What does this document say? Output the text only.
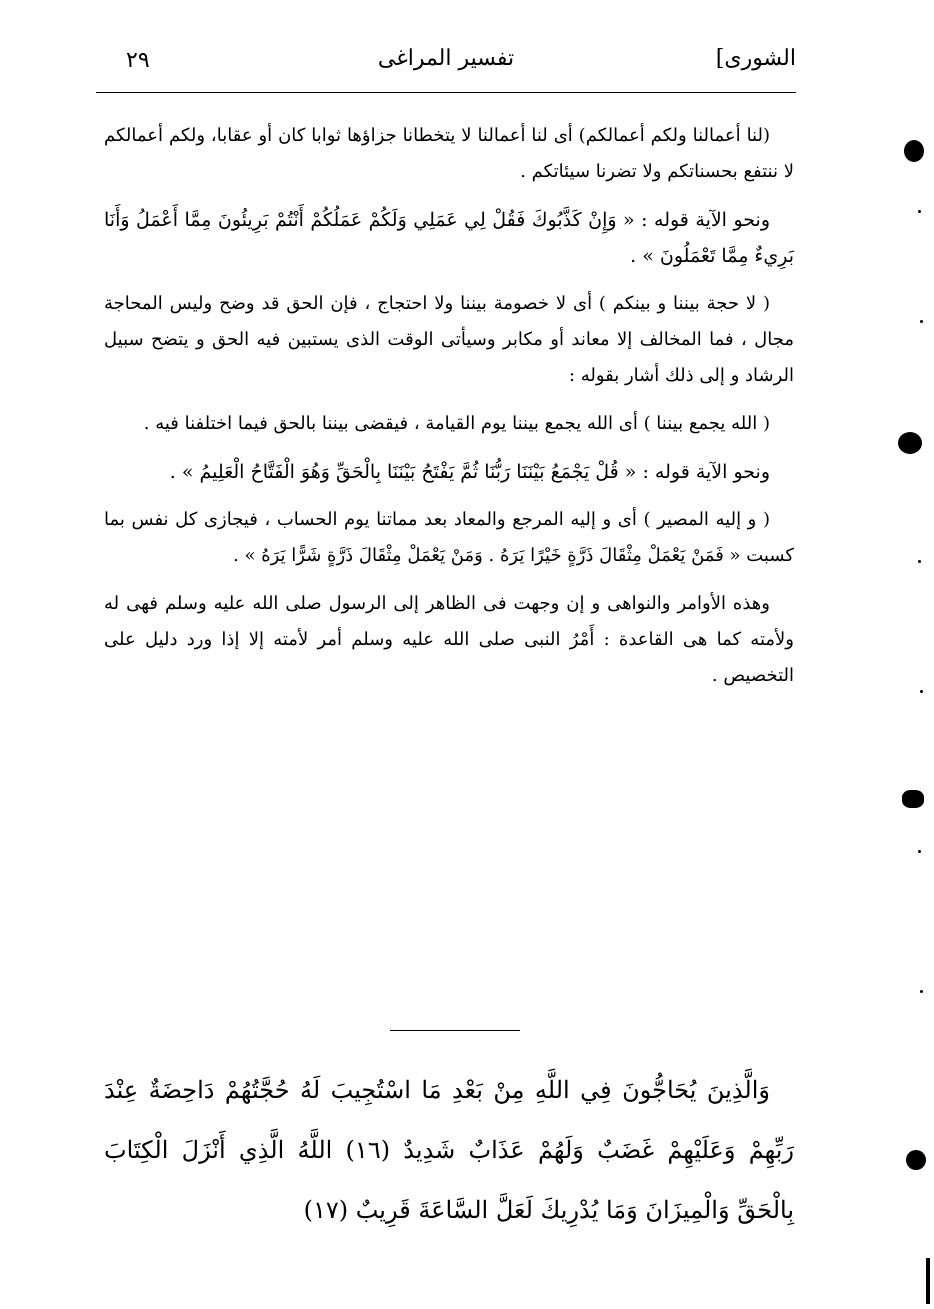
٢٩	تفسير المراغى	[الشورى

(لنا أعمالنا ولكم أعمالكم) أى لنا أعمالنا لا يتخطانا جزاؤها ثوابا كان أو عقابا، ولكم أعمالكم لا ننتفع بحسناتكم ولا تضرنا سيئاتكم .

ونحو الآية قوله : « وَإِنْ كَذَّبُوكَ فَقُلْ لِي عَمَلِي وَلَكُمْ عَمَلُكُمْ أَنْتُمْ بَرِيئُونَ مِمَّا أَعْمَلُ وَأَنَا بَرِيءٌ مِمَّا تَعْمَلُونَ » .

( لا حجة بيننا و بينكم ) أى لا خصومة بيننا ولا احتجاج ، فإن الحق قد وضح وليس المحاجة مجال ، فما المخالف إلا معاند أو مكابر وسيأتى الوقت الذى يستبين فيه الحق و يتضح سبيل الرشاد و إلى ذلك أشار بقوله :

( الله يجمع بيننا ) أى الله يجمع بيننا يوم القيامة ، فيقضى بيننا بالحق فيما اختلفنا فيه .

ونحو الآية قوله : « قُلْ يَجْمَعُ بَيْنَنَا رَبُّنَا ثُمَّ يَفْتَحُ بَيْنَنَا بِالْحَقِّ وَهُوَ الْفَتَّاحُ الْعَلِيمُ » .

( و إليه المصير ) أى و إليه المرجع والمعاد بعد مماتنا يوم الحساب ، فيجازى كل نفس بما كسبت « فَمَنْ يَعْمَلْ مِثْقَالَ ذَرَّةٍ خَيْرًا يَرَهُ . وَمَنْ يَعْمَلْ مِثْقَالَ ذَرَّةٍ شَرًّا يَرَهُ » .

وهذه الأوامر والنواهى و إن وجهت فى الظاهر إلى الرسول صلى الله عليه وسلم فهى له ولأمته كما هى القاعدة : أَمْرُ النبى صلى الله عليه وسلم أمر لأمته إلا إذا ورد دليل على التخصيص .

وَالَّذِينَ يُحَاجُّونَ فِي اللَّهِ مِنْ بَعْدِ مَا اسْتُجِيبَ لَهُ حُجَّتُهُمْ دَاحِضَةٌ عِنْدَ رَبِّهِمْ وَعَلَيْهِمْ غَضَبٌ وَلَهُمْ عَذَابٌ شَدِيدٌ (١٦) اللَّهُ الَّذِي أَنْزَلَ الْكِتَابَ بِالْحَقِّ وَالْمِيزَانَ وَمَا يُدْرِيكَ لَعَلَّ السَّاعَةَ قَرِيبٌ (١٧)
